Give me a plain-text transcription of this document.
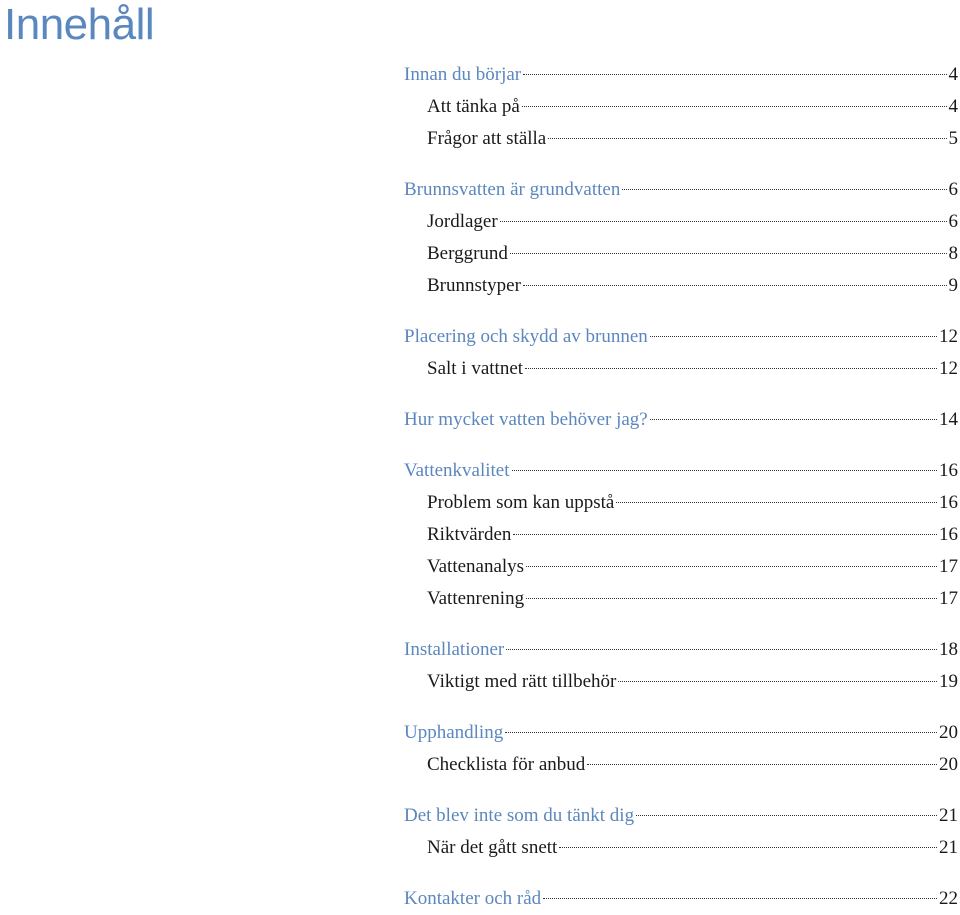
Innehåll
Innan du börjar	4
Att tänka på	4
Frågor att ställa	5
Brunnsvatten är grundvatten	6
Jordlager	6
Berggrund	8
Brunnstyper	9
Placering och skydd av brunnen	12
Salt i vattnet	12
Hur mycket vatten behöver jag?	14
Vattenkvalitet	16
Problem som kan uppstå	16
Riktvärden	16
Vattenanalys	17
Vattenrening	17
Installationer	18
Viktigt med rätt tillbehör	19
Upphandling	20
Checklista för anbud	20
Det blev inte som du tänkt dig	21
När det gått snett	21
Kontakter och råd	22
